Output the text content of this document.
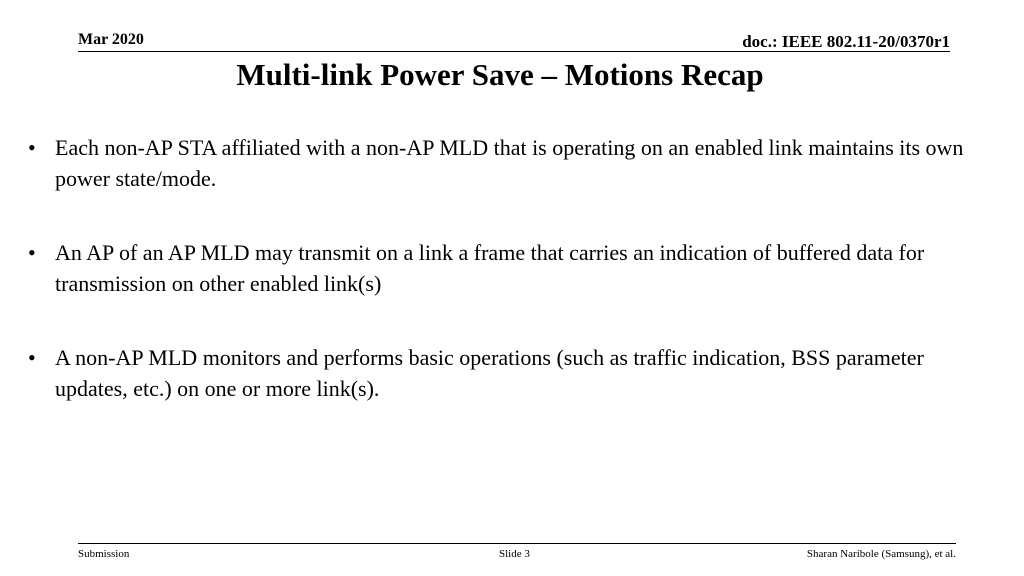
Mar 2020	doc.: IEEE 802.11-20/0370r1
Multi-link Power Save – Motions Recap
• Each non-AP STA affiliated with a non-AP MLD that is operating on an enabled link maintains its own power state/mode.
• An AP of an AP MLD may transmit on a link a frame that carries an indication of buffered data for transmission on other enabled link(s)
• A non-AP MLD monitors and performs basic operations (such as traffic indication, BSS parameter updates, etc.) on one or more link(s).
Submission	Slide 3	Sharan Naribole (Samsung), et al.
